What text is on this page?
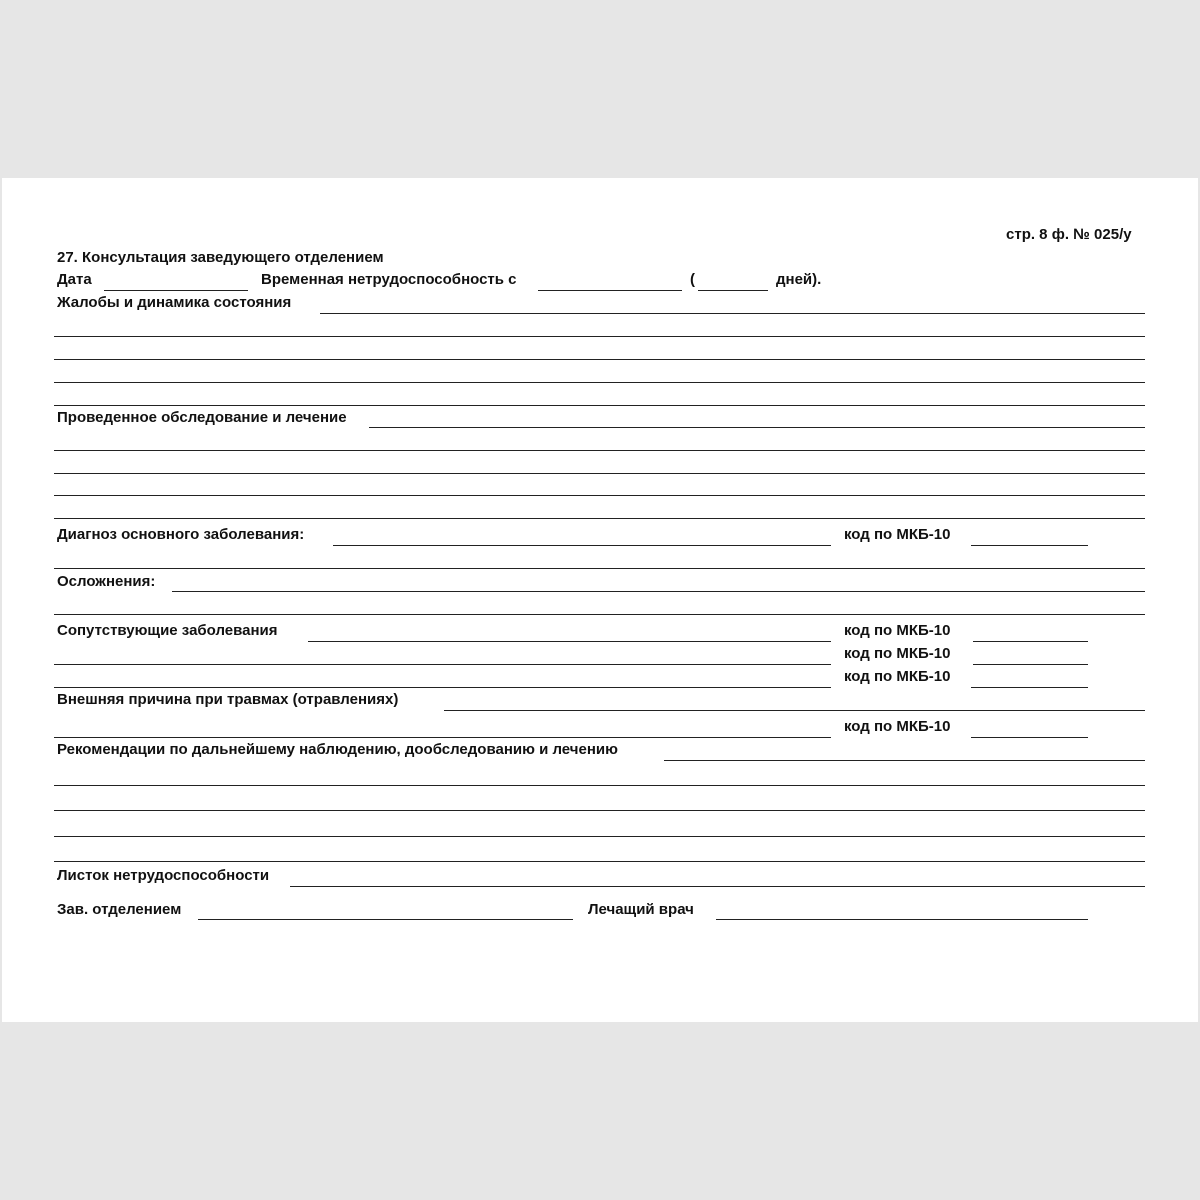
стр. 8 ф. № 025/у
27. Консультация заведующего отделением
Дата	Временная нетрудоспособность с	(	дней).
Жалобы и динамика состояния
Проведенное обследование и лечение
Диагноз основного заболевания:	код по МКБ-10
Осложнения:
Сопутствующие заболевания	код по МКБ-10
код по МКБ-10
код по МКБ-10
Внешняя причина при травмах (отравлениях)
код по МКБ-10
Рекомендации по дальнейшему наблюдению, дообследованию и лечению
Листок нетрудоспособности
Зав. отделением	Лечащий врач
